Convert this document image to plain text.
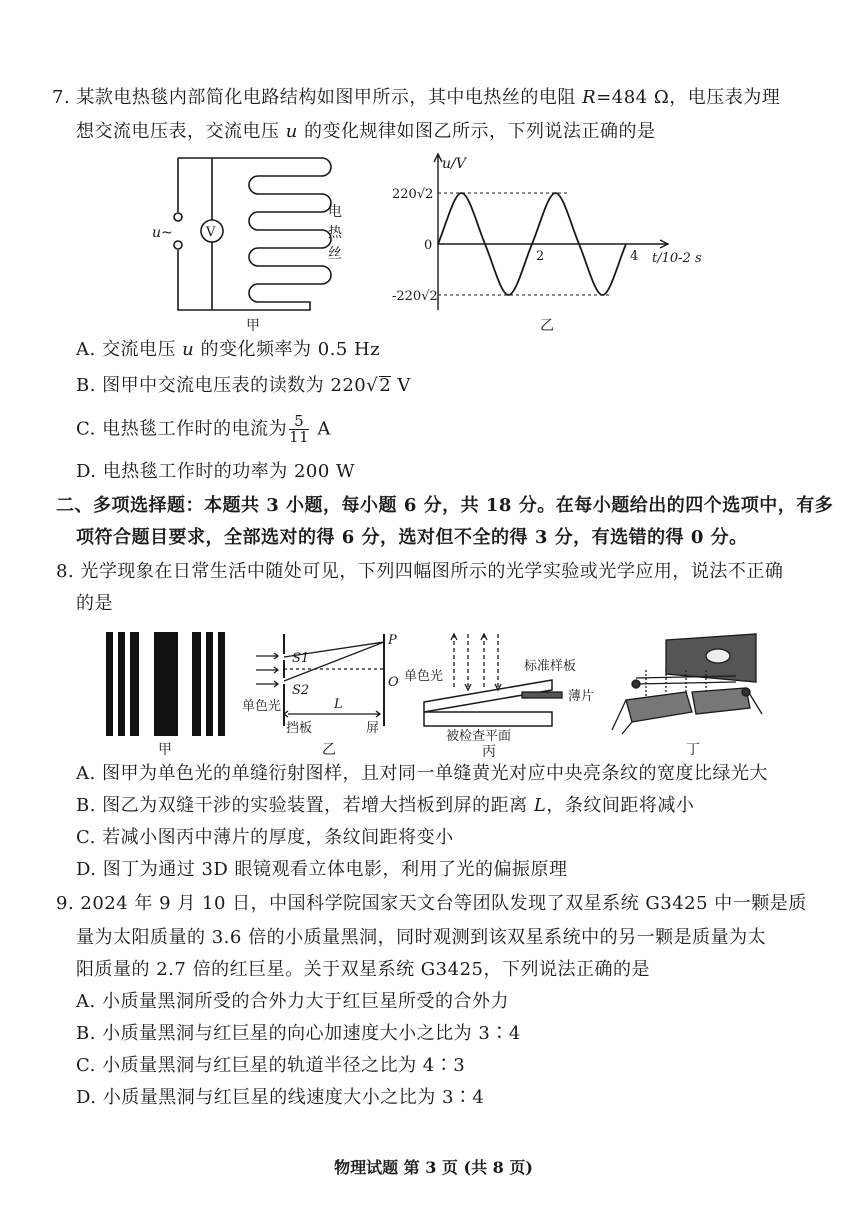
7. 某款电热毯内部简化电路结构如图甲所示，其中电热丝的电阻 R=484 Ω，电压表为理
想交流电压表，交流电压 u 的变化规律如图乙所示，下列说法正确的是
u~	V
电
热
丝
甲
u/V
t/10-2 s
220√2
-220√2
0
2	4
乙
A. 交流电压 u 的变化频率为 0.5 Hz
B. 图甲中交流电压表的读数为 220√2 V
C. 电热毯工作时的电流为 $\frac{5}{11}$ A
D. 电热毯工作时的功率为 200 W
二、多项选择题：本题共 3 小题，每小题 6 分，共 18 分。在每小题给出的四个选项中，有多
项符合题目要求，全部选对的得 6 分，选对但不全的得 3 分，有选错的得 0 分。
8. 光学现象在日常生活中随处可见，下列四幅图所示的光学实验或光学应用，说法不正确
的是
甲
S1
S2
P
O
单色光
挡板
L
屏
乙
单色光
标准样板
薄片
被检查平面
丙	丁
A. 图甲为单色光的单缝衍射图样，且对同一单缝黄光对应中央亮条纹的宽度比绿光大
B. 图乙为双缝干涉的实验装置，若增大挡板到屏的距离 L，条纹间距将减小
C. 若减小图丙中薄片的厚度，条纹间距将变小
D. 图丁为通过 3D 眼镜观看立体电影，利用了光的偏振原理
9. 2024 年 9 月 10 日，中国科学院国家天文台等团队发现了双星系统 G3425 中一颗是质
量为太阳质量的 3.6 倍的小质量黑洞，同时观测到该双星系统中的另一颗是质量为太
阳质量的 2.7 倍的红巨星。关于双星系统 G3425，下列说法正确的是
A. 小质量黑洞所受的合外力大于红巨星所受的合外力
B. 小质量黑洞与红巨星的向心加速度大小之比为 3∶4
C. 小质量黑洞与红巨星的轨道半径之比为 4∶3
D. 小质量黑洞与红巨星的线速度大小之比为 3∶4
物理试题 第 3 页 (共 8 页)
